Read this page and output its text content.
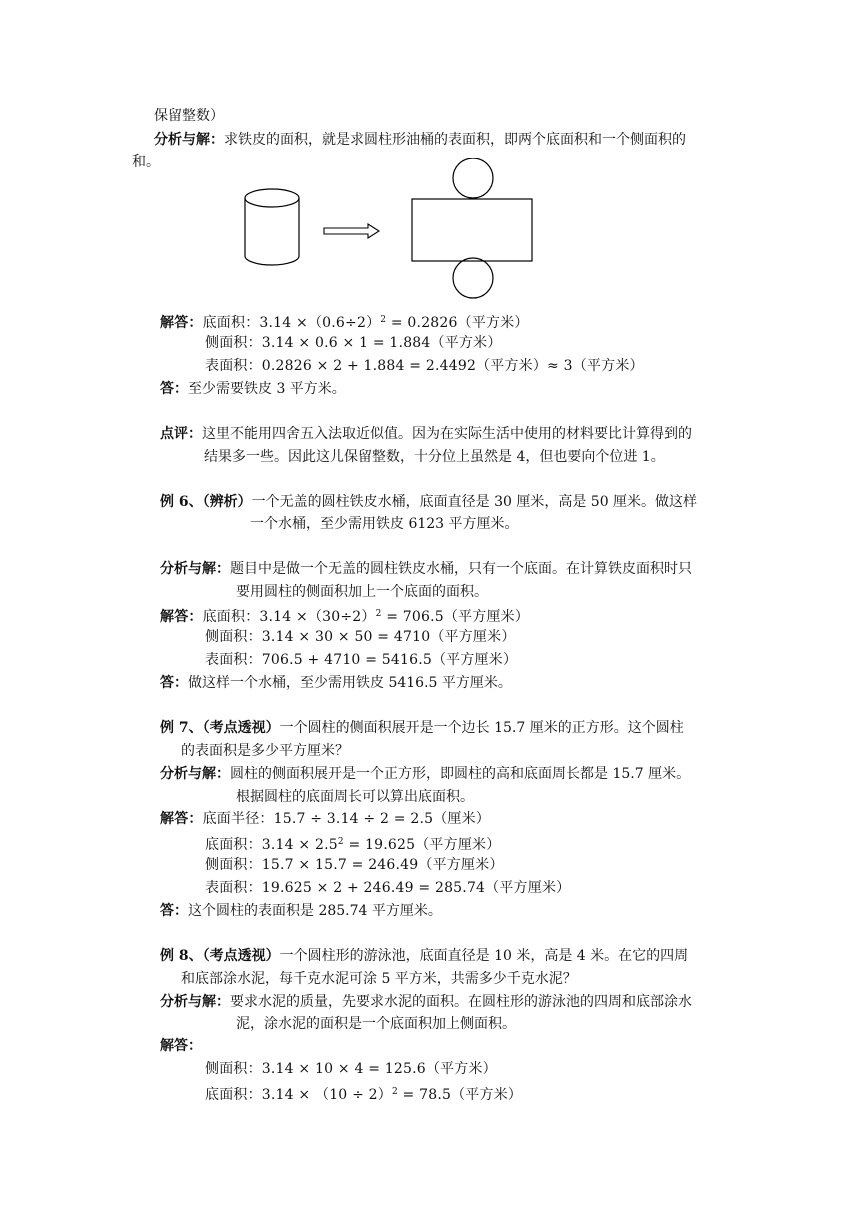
保留整数）
分析与解：求铁皮的面积，就是求圆柱形油桶的表面积，即两个底面积和一个侧面积的
和。
解答：底面积：$3.14 \times(0.6\div 2)^2 = 0.2826$（平方米）
侧面积：3.14 × 0.6 × 1 = 1.884（平方米）
表面积：0.2826 × 2 + 1.884 = 2.4492（平方米）≈ 3（平方米）
答：至少需要铁皮 3 平方米。
点评：这里不能用四舍五入法取近似值。因为在实际生活中使用的材料要比计算得到的
结果多一些。因此这儿保留整数，十分位上虽然是 4，但也要向个位进 1。
例 6、（辨析）一个无盖的圆柱铁皮水桶，底面直径是 30 厘米，高是 50 厘米。做这样
一个水桶，至少需用铁皮 6123 平方厘米。
分析与解：题目中是做一个无盖的圆柱铁皮水桶，只有一个底面。在计算铁皮面积时只
要用圆柱的侧面积加上一个底面的面积。
解答：底面积：$3.14 \times(30\div 2)^2 = 706.5$（平方厘米）
侧面积：3.14 × 30 × 50 = 4710（平方厘米）
表面积：706.5 + 4710 = 5416.5（平方厘米）
答：做这样一个水桶，至少需用铁皮 5416.5 平方厘米。
例 7、（考点透视）一个圆柱的侧面积展开是一个边长 15.7 厘米的正方形。这个圆柱
的表面积是多少平方厘米？
分析与解：圆柱的侧面积展开是一个正方形，即圆柱的高和底面周长都是 15.7 厘米。
根据圆柱的底面周长可以算出底面积。
解答：底面半径：15.7 ÷ 3.14 ÷ 2 = 2.5（厘米）
底面积：$3.14 \times 2.5^2 = 19.625$（平方厘米）
侧面积：15.7 × 15.7 = 246.49（平方厘米）
表面积：19.625 × 2 + 246.49 = 285.74（平方厘米）
答：这个圆柱的表面积是 285.74 平方厘米。
例 8、（考点透视）一个圆柱形的游泳池，底面直径是 10 米，高是 4 米。在它的四周
和底部涂水泥，每千克水泥可涂 5 平方米，共需多少千克水泥？
分析与解：要求水泥的质量，先要求水泥的面积。在圆柱形的游泳池的四周和底部涂水
泥，涂水泥的面积是一个底面积加上侧面积。
解答：
侧面积：3.14 × 10 × 4 = 125.6（平方米）
底面积：$3.14 \times (10 \div 2)^2 = 78.5$（平方米）
